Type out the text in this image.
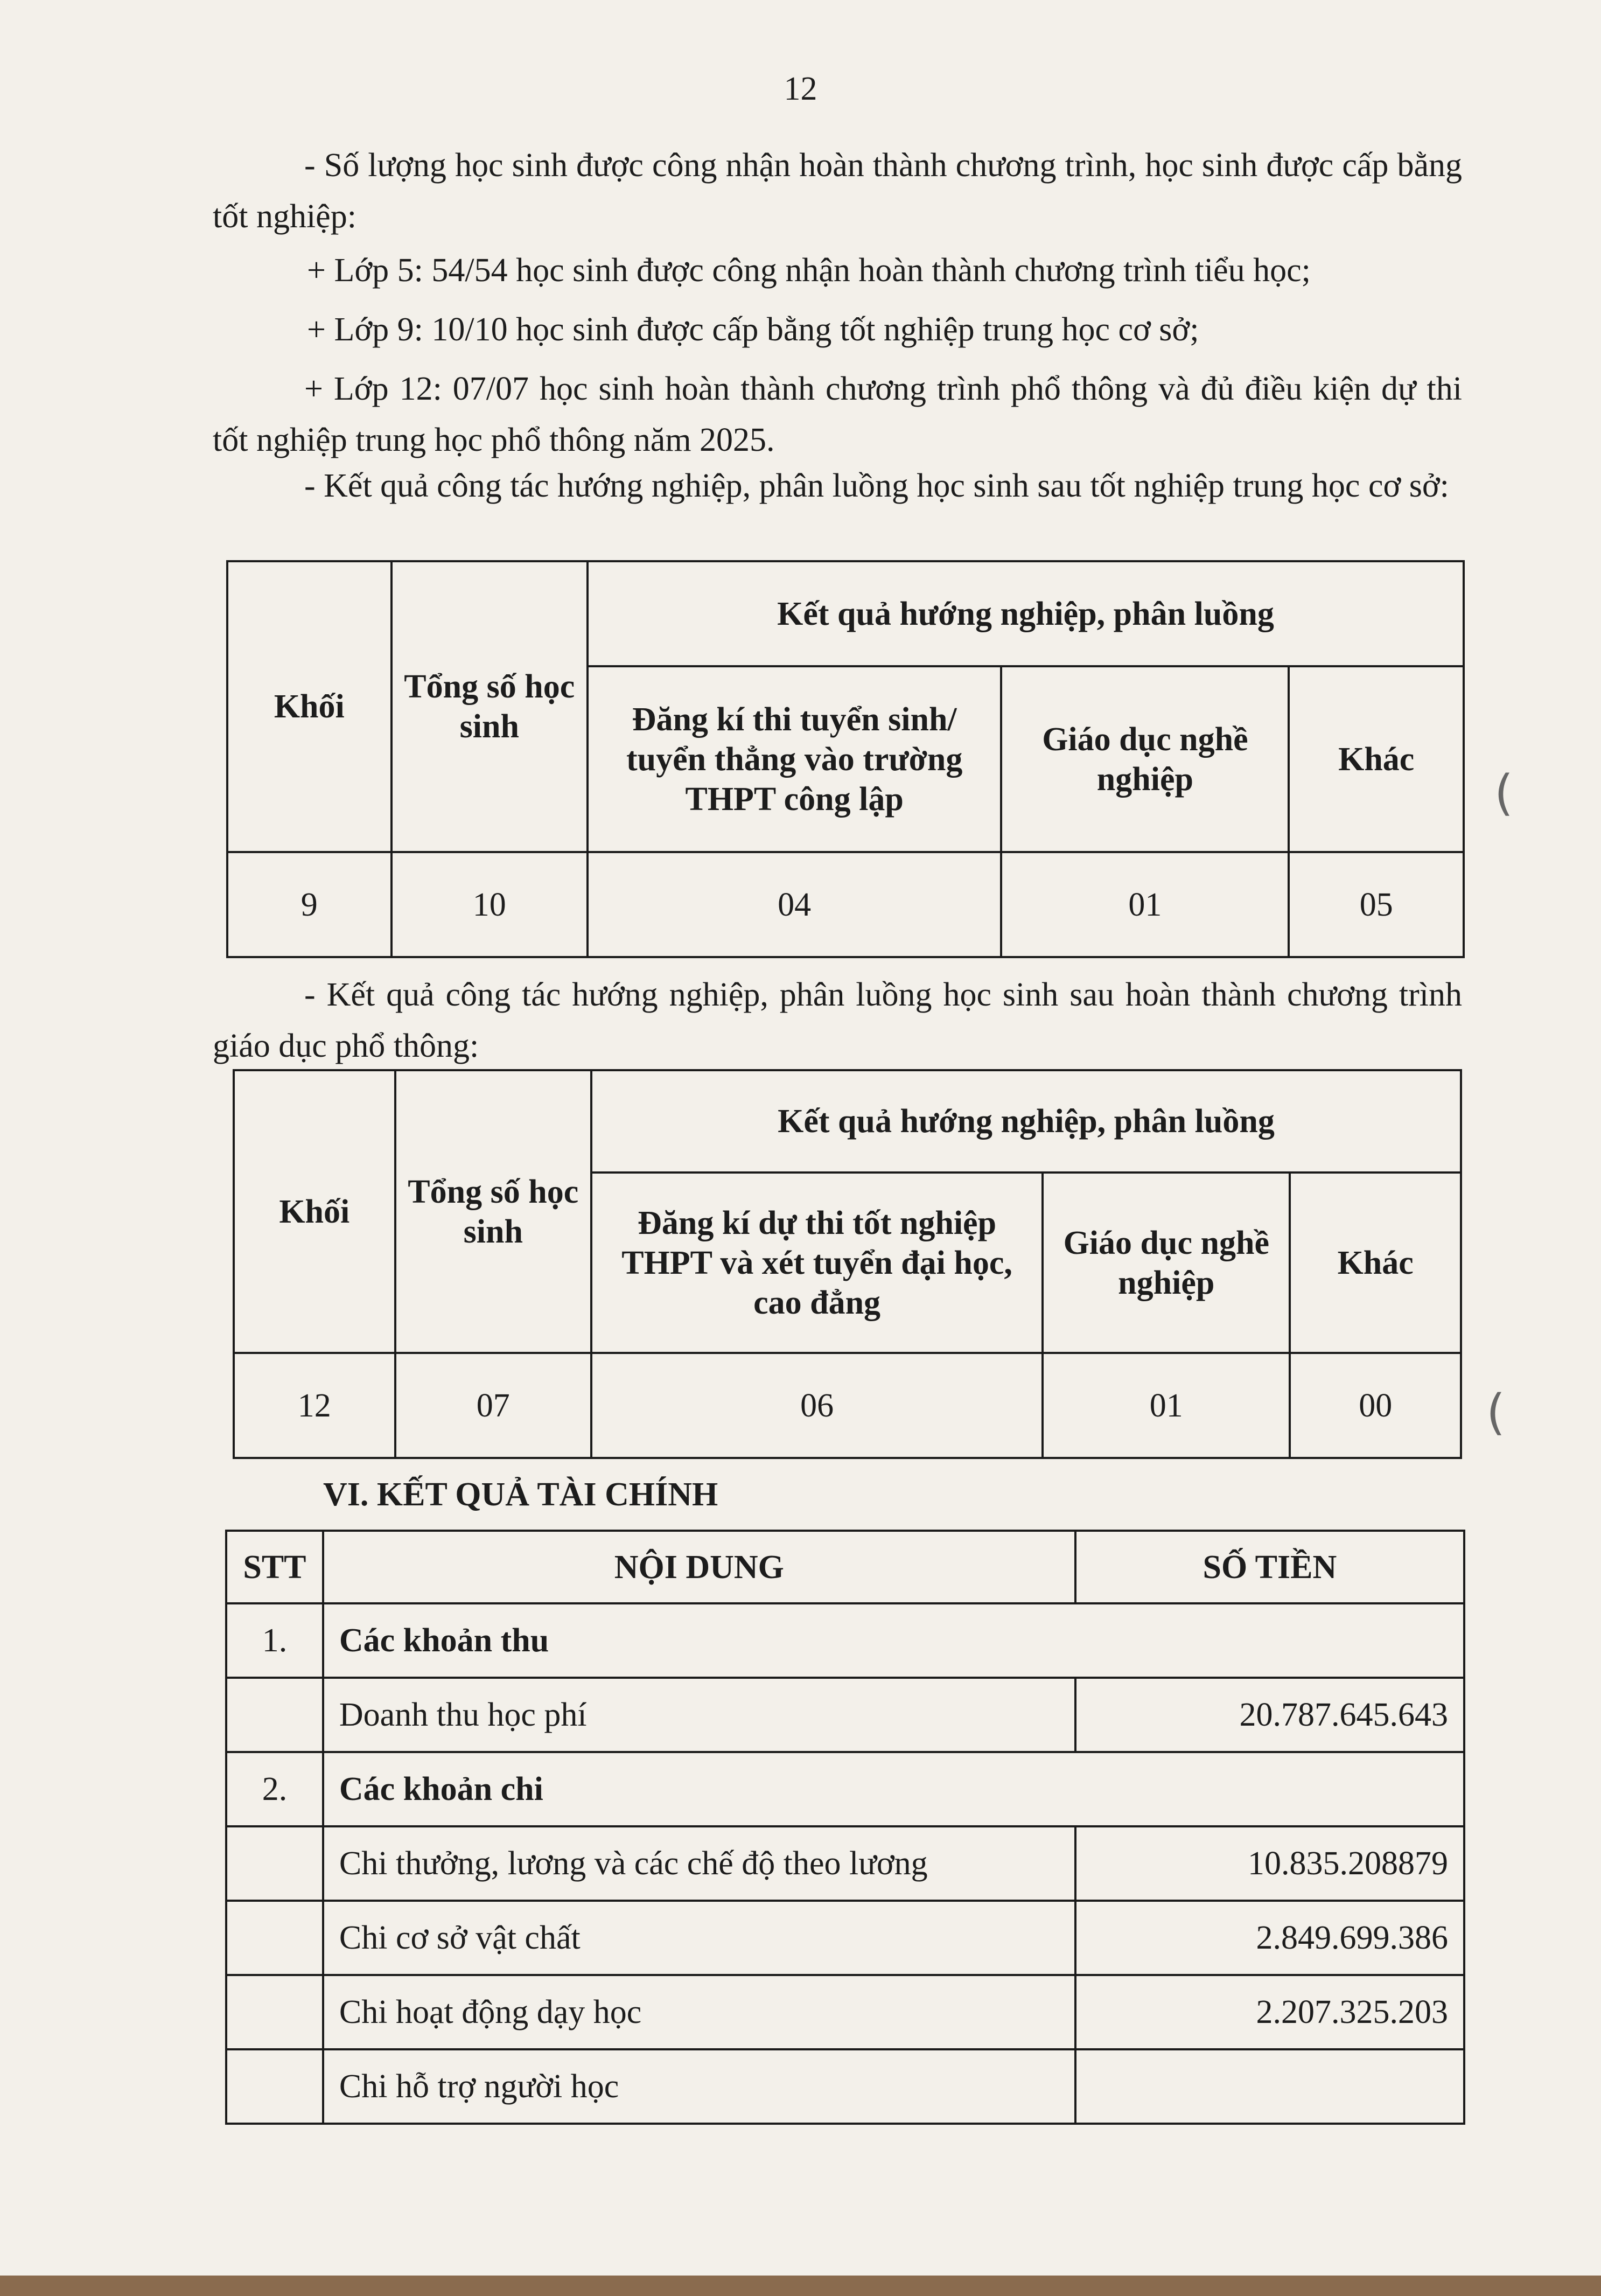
12
- Số lượng học sinh được công nhận hoàn thành chương trình, học sinh được cấp bằng tốt nghiệp:
+ Lớp 5: 54/54 học sinh được công nhận hoàn thành chương trình tiểu học;
+ Lớp 9: 10/10 học sinh được cấp bằng tốt nghiệp trung học cơ sở;
+ Lớp 12: 07/07 học sinh hoàn thành chương trình phổ thông và đủ điều kiện dự thi tốt nghiệp trung học phổ thông năm 2025.
- Kết quả công tác hướng nghiệp, phân luồng học sinh sau tốt nghiệp trung học cơ sở:
Khối	Tổng số học sinh	Kết quả hướng nghiệp, phân luồng		
		Đăng kí thi tuyển sinh/ tuyển thẳng vào trường THPT công lập	Giáo dục nghề nghiệp	Khác
9	10	04	01	05
- Kết quả công tác hướng nghiệp, phân luồng học sinh sau hoàn thành chương trình giáo dục phổ thông:
Khối	Tổng số học sinh	Kết quả hướng nghiệp, phân luồng		
		Đăng kí dự thi tốt nghiệp THPT và xét tuyển đại học, cao đẳng	Giáo dục nghề nghiệp	Khác
12	07	06	01	00
VI. KẾT QUẢ TÀI CHÍNH
STT	NỘI DUNG	SỐ TIỀN
1.	Các khoản thu	
	Doanh thu học phí	20.787.645.643
2.	Các khoản chi	
	Chi thưởng, lương và các chế độ theo lương	10.835.208879
	Chi cơ sở vật chất	2.849.699.386
	Chi hoạt động dạy học	2.207.325.203
	Chi hỗ trợ người học	
(
(
